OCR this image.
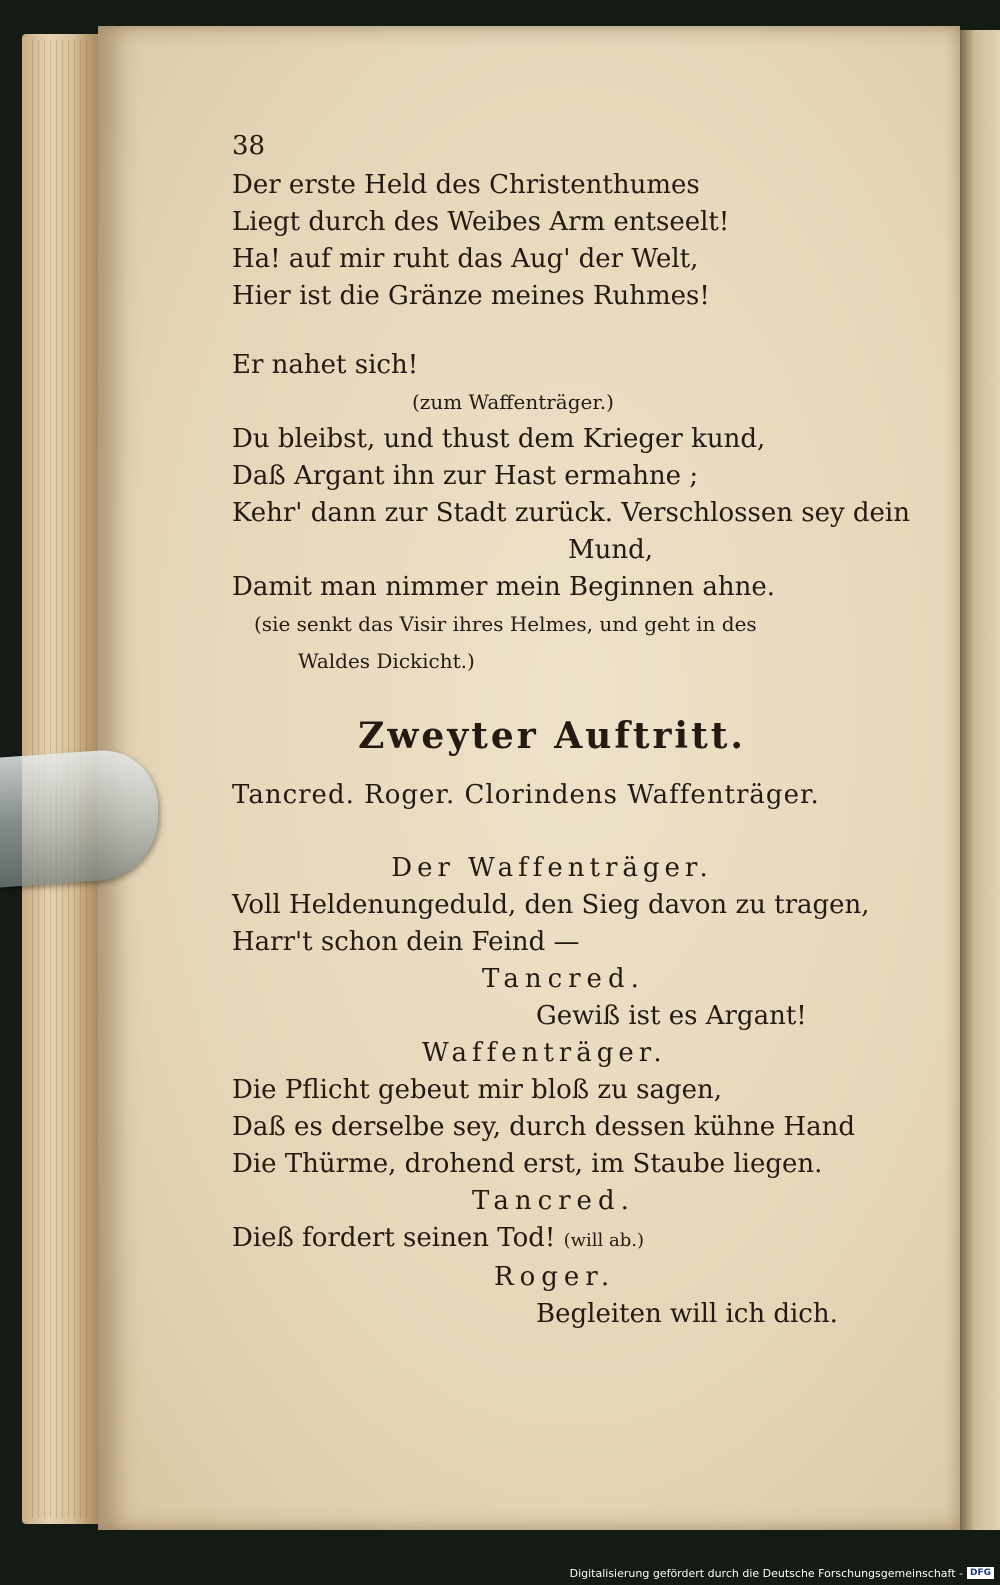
38
Der erste Held des Christenthumes
Liegt durch des Weibes Arm entseelt!
Ha! auf mir ruht das Aug' der Welt,
Hier ist die Gränze meines Ruhmes!
Er nahet sich!
(zum Waffenträger.)
Du bleibst, und thust dem Krieger kund,
Daß Argant ihn zur Hast ermahne ;
Kehr' dann zur Stadt zurück. Verschlossen sey dein
Mund,
Damit man nimmer mein Beginnen ahne.
(sie senkt das Visir ihres Helmes, und geht in des
Waldes Dickicht.)
Zweyter Auftritt.
Tancred. Roger. Clorindens Waffenträger.
Der Waffenträger.
Voll Heldenungeduld, den Sieg davon zu tragen,
Harr't schon dein Feind —
Tancred.
Gewiß ist es Argant!
Waffenträger.
Die Pflicht gebeut mir bloß zu sagen,
Daß es derselbe sey, durch dessen kühne Hand
Die Thürme, drohend erst, im Staube liegen.
Tancred.
Dieß fordert seinen Tod! (will ab.)
Roger.
Begleiten will ich dich.
Digitalisierung gefördert durch die Deutsche Forschungsgemeinschaft - DFG
